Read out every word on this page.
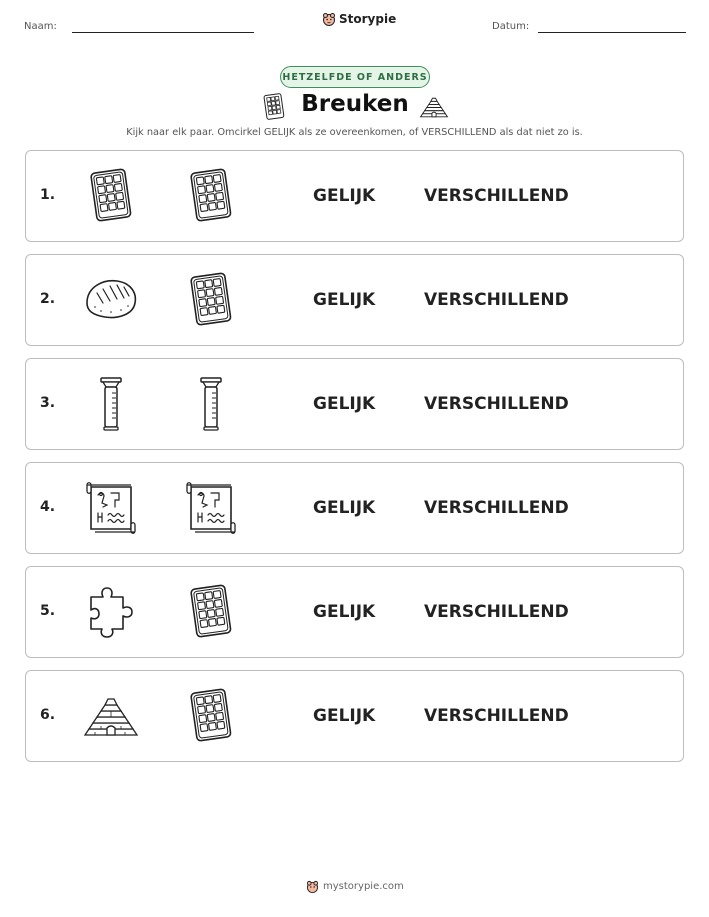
Naam:
Storypie
Datum:
HETZELFDE OF ANDERS
Breuken
Kijk naar elk paar. Omcirkel GELIJK als ze overeenkomen, of VERSCHILLEND als dat niet zo is.
1.	GELIJK	VERSCHILLEND
2.	GELIJK	VERSCHILLEND
3.	GELIJK	VERSCHILLEND
4.	GELIJK	VERSCHILLEND
5.	GELIJK	VERSCHILLEND
6.	GELIJK	VERSCHILLEND
mystorypie.com
